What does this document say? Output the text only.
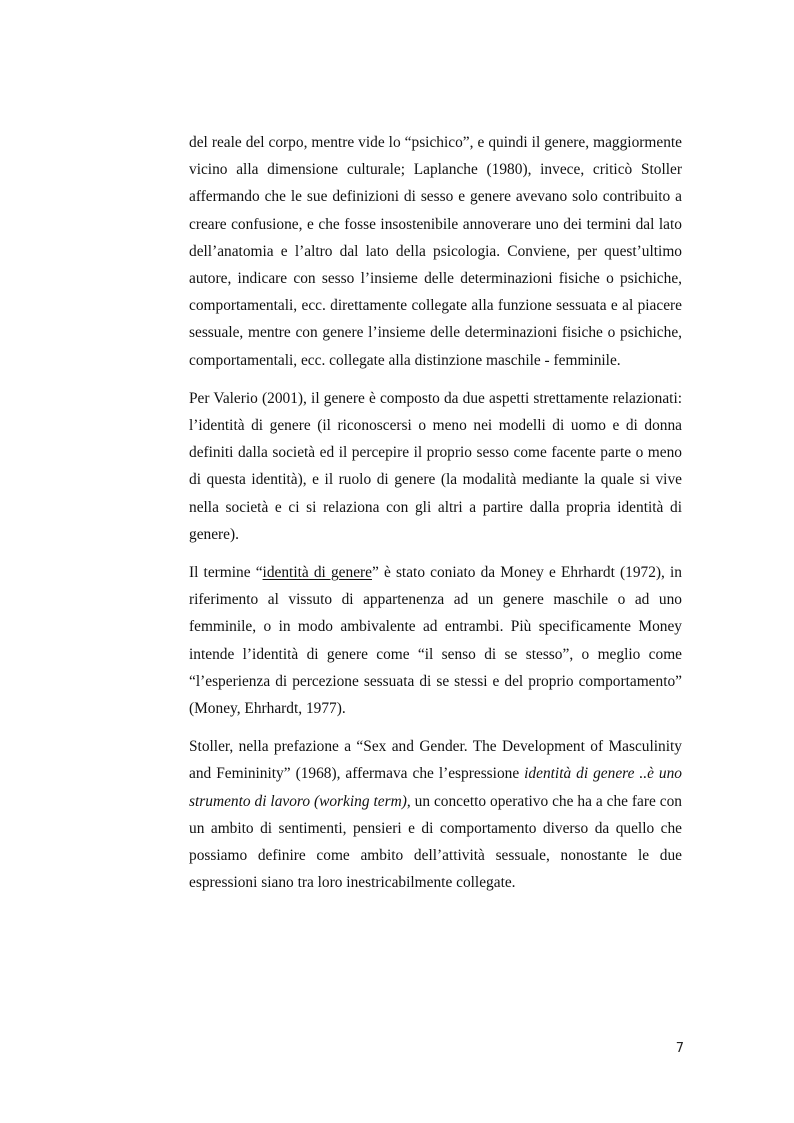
del reale del corpo, mentre vide lo “psichico”, e quindi il genere, maggiormente vicino alla dimensione culturale; Laplanche (1980), invece, criticò Stoller affermando che le sue definizioni di sesso e genere avevano solo contribuito a creare confusione, e che fosse insostenibile annoverare uno dei termini dal lato dell’anatomia e l’altro dal lato della psicologia. Conviene, per quest’ultimo autore, indicare con sesso l’insieme delle determinazioni fisiche o psichiche, comportamentali, ecc. direttamente collegate alla funzione sessuata e al piacere sessuale, mentre con genere l’insieme delle determinazioni fisiche o psichiche, comportamentali, ecc. collegate alla distinzione maschile - femminile.

Per Valerio (2001), il genere è composto da due aspetti strettamente relazionati: l’identità di genere (il riconoscersi o meno nei modelli di uomo e di donna definiti dalla società ed il percepire il proprio sesso come facente parte o meno di questa identità), e il ruolo di genere (la modalità mediante la quale si vive nella società e ci si relaziona con gli altri a partire dalla propria identità di genere).

Il termine “identità di genere” è stato coniato da Money e Ehrhardt (1972), in riferimento al vissuto di appartenenza ad un genere maschile o ad uno femminile, o in modo ambivalente ad entrambi. Più specificamente Money intende l’identità di genere come “il senso di se stesso”, o meglio come “l’esperienza di percezione sessuata di se stessi e del proprio comportamento” (Money, Ehrhardt, 1977).

Stoller, nella prefazione a “Sex and Gender. The Development of Masculinity and Femininity” (1968), affermava che l’espressione identità di genere ..è uno strumento di lavoro (working term), un concetto operativo che ha a che fare con un ambito di sentimenti, pensieri e di comportamento diverso da quello che possiamo definire come ambito dell’attività sessuale, nonostante le due espressioni siano tra loro inestricabilmente collegate.

7
